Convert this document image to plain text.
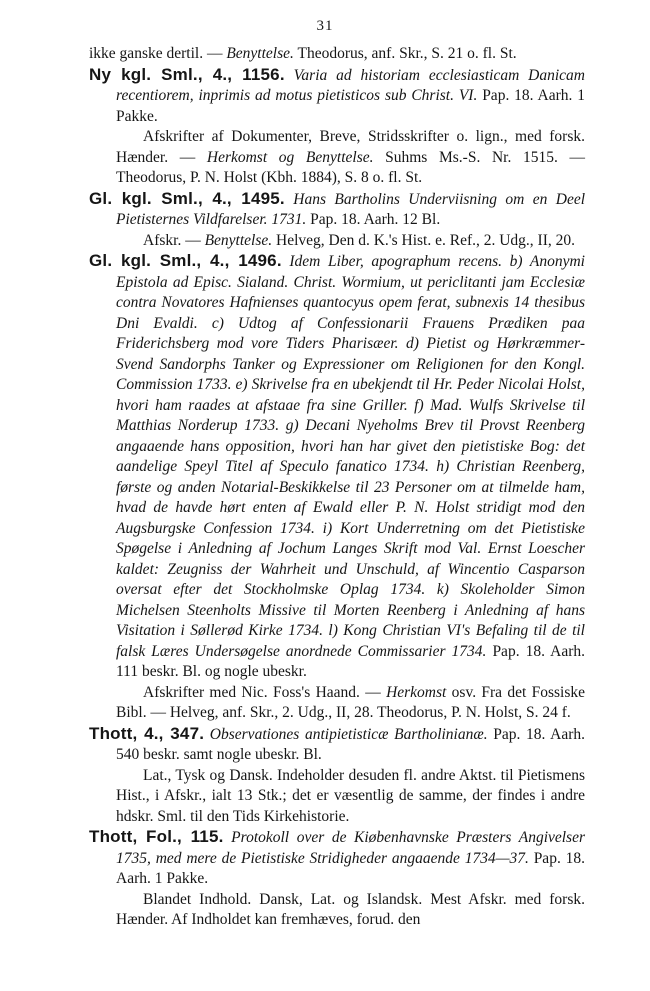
31

ikke ganske dertil. — Benyttelse. Theodorus, anf. Skr., S. 21 o. fl. St.

Ny kgl. Sml., 4., 1156. Varia ad historiam ecclesiasticam Danicam recentiorem, inprimis ad motus pietisticos sub Christ. VI. Pap. 18. Aarh. 1 Pakke.

Afskrifter af Dokumenter, Breve, Stridsskrifter o. lign., med forsk. Hænder. — Herkomst og Benyttelse. Suhms Ms.-S. Nr. 1515. — Theodorus, P. N. Holst (Kbh. 1884), S. 8 o. fl. St.

Gl. kgl. Sml., 4., 1495. Hans Bartholins Underviisning om en Deel Pietisternes Vildfarelser. 1731. Pap. 18. Aarh. 12 Bl.

Afskr. — Benyttelse. Helveg, Den d. K.'s Hist. e. Ref., 2. Udg., II, 20.

Gl. kgl. Sml., 4., 1496. Idem Liber, apographum recens. b) Anonymi Epistola ad Episc. Sialand. Christ. Wormium, ut periclitanti jam Ecclesiæ contra Novatores Hafnienses quantocyus opem ferat, subnexis 14 thesibus Dni Evaldi. c) Udtog af Confessionarii Frauens Prædiken paa Friderichsberg mod vore Tiders Pharisæer. d) Pietist og Hørkræmmer-Svend Sandorphs Tanker og Expressioner om Religionen for den Kongl. Commission 1733. e) Skrivelse fra en ubekjendt til Hr. Peder Nicolai Holst, hvori ham raades at afstaae fra sine Griller. f) Mad. Wulfs Skrivelse til Matthias Norderup 1733. g) Decani Nyeholms Brev til Provst Reenberg angaaende hans opposition, hvori han har givet den pietistiske Bog: det aandelige Speyl Titel af Speculo fanatico 1734. h) Christian Reenberg, første og anden Notarial-Beskikkelse til 23 Personer om at tilmelde ham, hvad de havde hørt enten af Ewald eller P. N. Holst stridigt mod den Augsburgske Confession 1734. i) Kort Underretning om det Pietistiske Spøgelse i Anledning af Jochum Langes Skrift mod Val. Ernst Loescher kaldet: Zeugniss der Wahrheit und Unschuld, af Wincentio Casparson oversat efter det Stockholmske Oplag 1734. k) Skoleholder Simon Michelsen Steenholts Missive til Morten Reenberg i Anledning af hans Visitation i Søllerød Kirke 1734. l) Kong Christian VI's Befaling til de til falsk Læres Undersøgelse anordnede Commissarier 1734. Pap. 18. Aarh. 111 beskr. Bl. og nogle ubeskr.

Afskrifter med Nic. Foss's Haand. — Herkomst osv. Fra det Fossiske Bibl. — Helveg, anf. Skr., 2. Udg., II, 28. Theodorus, P. N. Holst, S. 24 f.

Thott, 4., 347. Observationes antipietisticæ Bartholinianæ. Pap. 18. Aarh. 540 beskr. samt nogle ubeskr. Bl.

Lat., Tysk og Dansk. Indeholder desuden fl. andre Aktst. til Pietismens Hist., i Afskr., ialt 13 Stk.; det er væsentlig de samme, der findes i andre hdskr. Sml. til den Tids Kirkehistorie.

Thott, Fol., 115. Protokoll over de Kiøbenhavnske Præsters Angivelser 1735, med mere de Pietistiske Stridigheder angaaende 1734—37. Pap. 18. Aarh. 1 Pakke.

Blandet Indhold. Dansk, Lat. og Islandsk. Mest Afskr. med forsk. Hænder. Af Indholdet kan fremhæves, forud. den
